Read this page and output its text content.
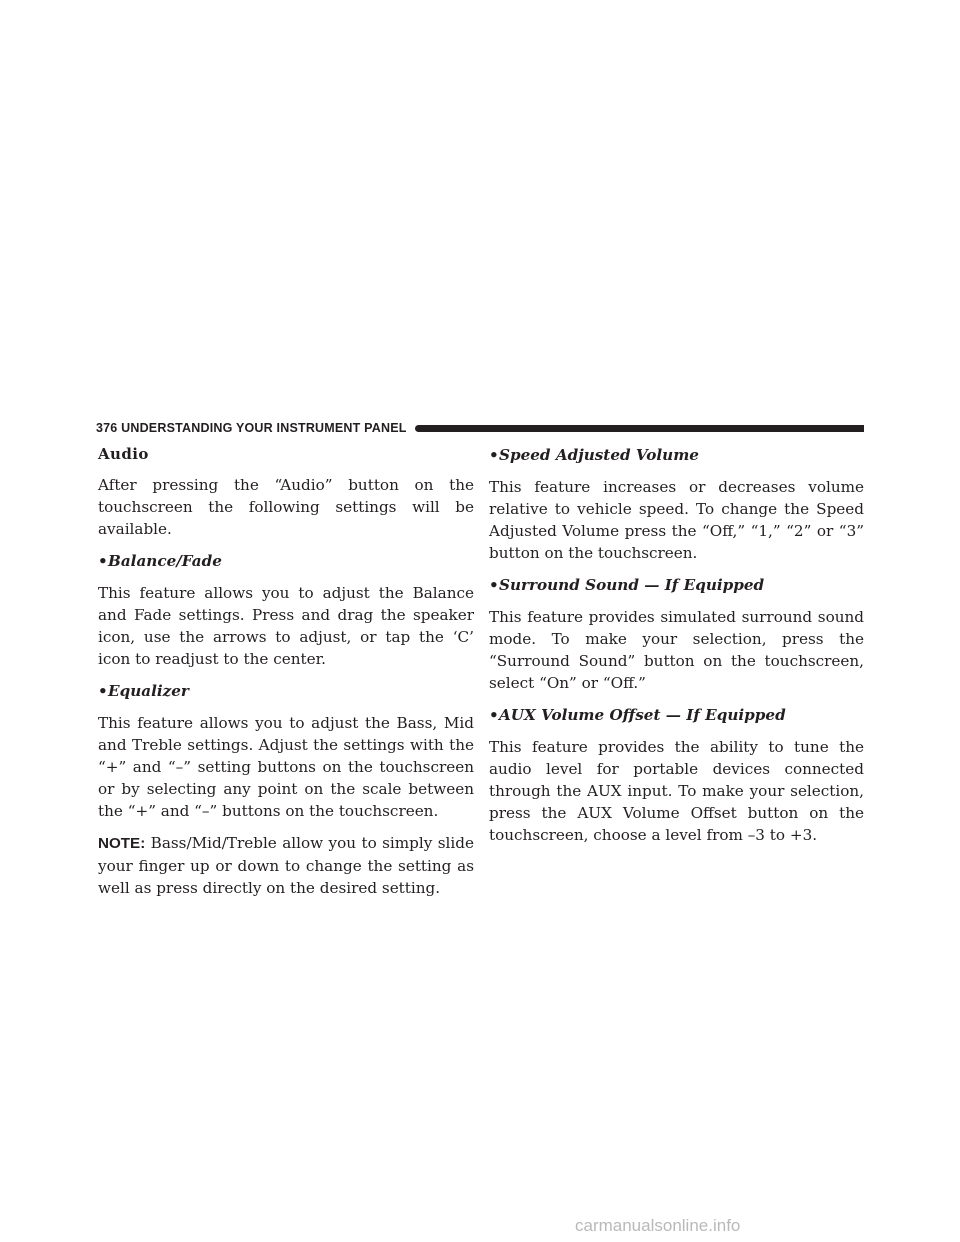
376 UNDERSTANDING YOUR INSTRUMENT PANEL
Audio

After pressing the “Audio” button on the touchscreen the following settings will be available.

•Balance/Fade

This feature allows you to adjust the Balance and Fade settings. Press and drag the speaker icon, use the arrows to adjust, or tap the ‘C’ icon to readjust to the center.

•Equalizer

This feature allows you to adjust the Bass, Mid and Treble settings. Adjust the settings with the “+” and “–” setting buttons on the touchscreen or by selecting any point on the scale between the “+” and “–” buttons on the touchscreen.

NOTE: Bass/Mid/Treble allow you to simply slide your finger up or down to change the setting as well as press directly on the desired setting.

•Speed Adjusted Volume

This feature increases or decreases volume relative to vehicle speed. To change the Speed Adjusted Volume press the “Off,” “1,” “2” or “3” button on the touchscreen.

•Surround Sound — If Equipped

This feature provides simulated surround sound mode. To make your selection, press the “Surround Sound” button on the touchscreen, select “On” or “Off.”

•AUX Volume Offset — If Equipped

This feature provides the ability to tune the audio level for portable devices connected through the AUX input. To make your selection, press the AUX Volume Offset button on the touchscreen, choose a level from –3 to +3.

carmanualsonline.info
